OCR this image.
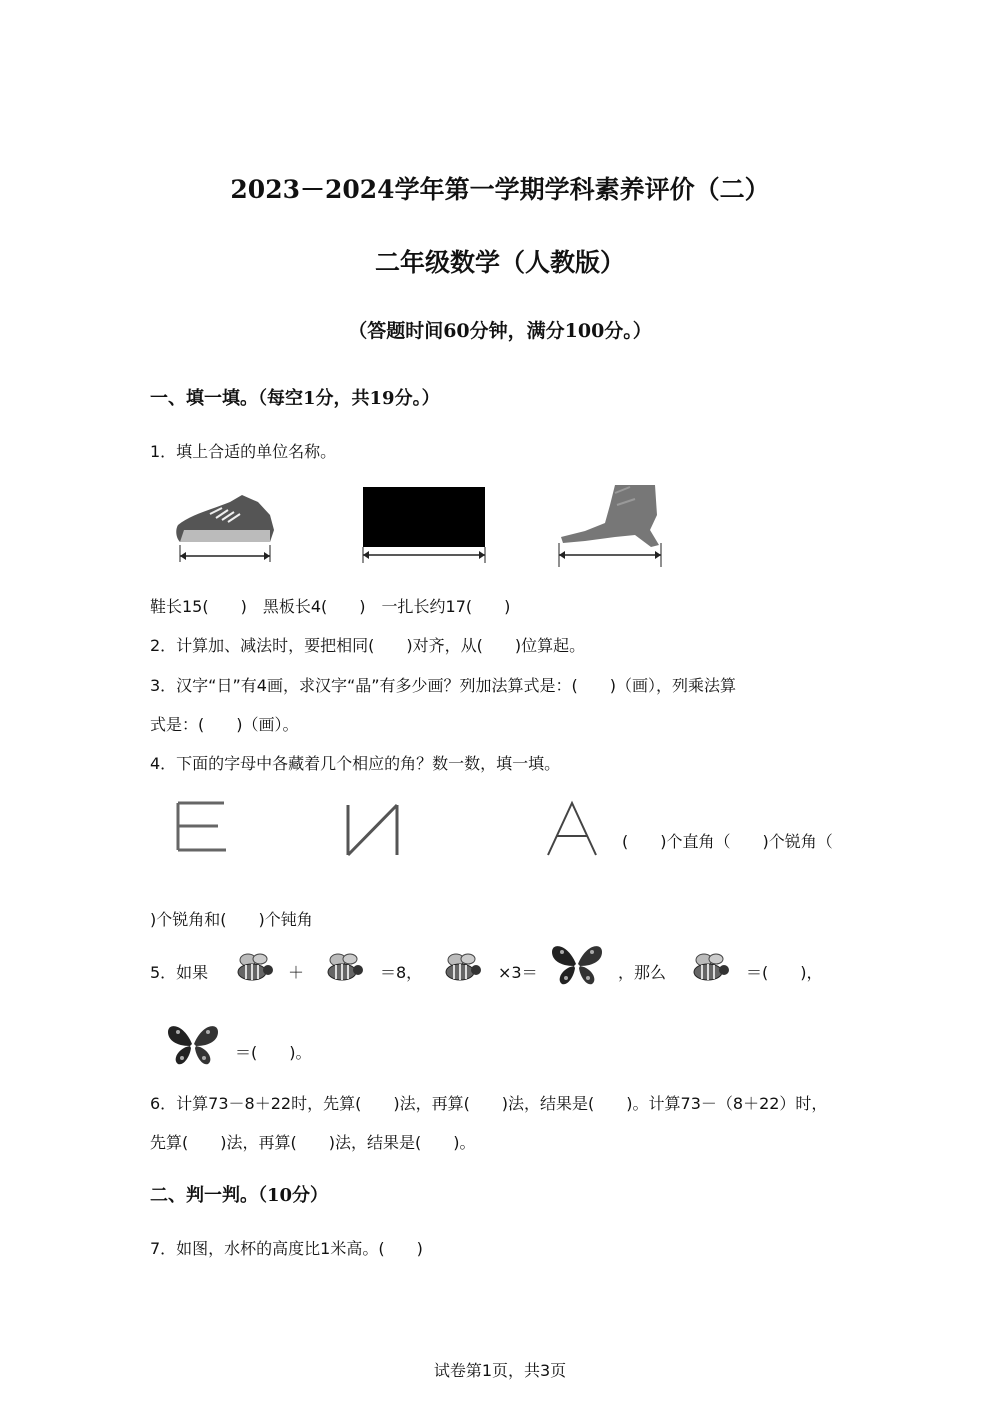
2023－2024学年第一学期学科素养评价（二）
二年级数学（人教版）
（答题时间60分钟，满分100分。）
一、填一填。（每空1分，共19分。）
1．填上合适的单位名称。
鞋长15(　　)　黑板长4(　　)　一扎长约17(　　)
2．计算加、减法时，要把相同(　　)对齐，从(　　)位算起。
3．汉字“日”有4画，求汉字“晶”有多少画？列加法算式是：(　　)（画），列乘法算
式是：(　　)（画）。
4．下面的字母中各藏着几个相应的角？数一数，填一填。
(　　)个直角（　　)个锐角（
)个锐角和(　　)个钝角
5．如果	＋	＝8，	×3＝	，那么	＝(　　)，
＝(　　)。
6．计算73－8＋22时，先算(　　)法，再算(　　)法，结果是(　　)。计算73－（8＋22）时，
先算(　　)法，再算(　　)法，结果是(　　)。
二、判一判。（10分）
7．如图，水杯的高度比1米高。(　　)
试卷第1页，共3页
